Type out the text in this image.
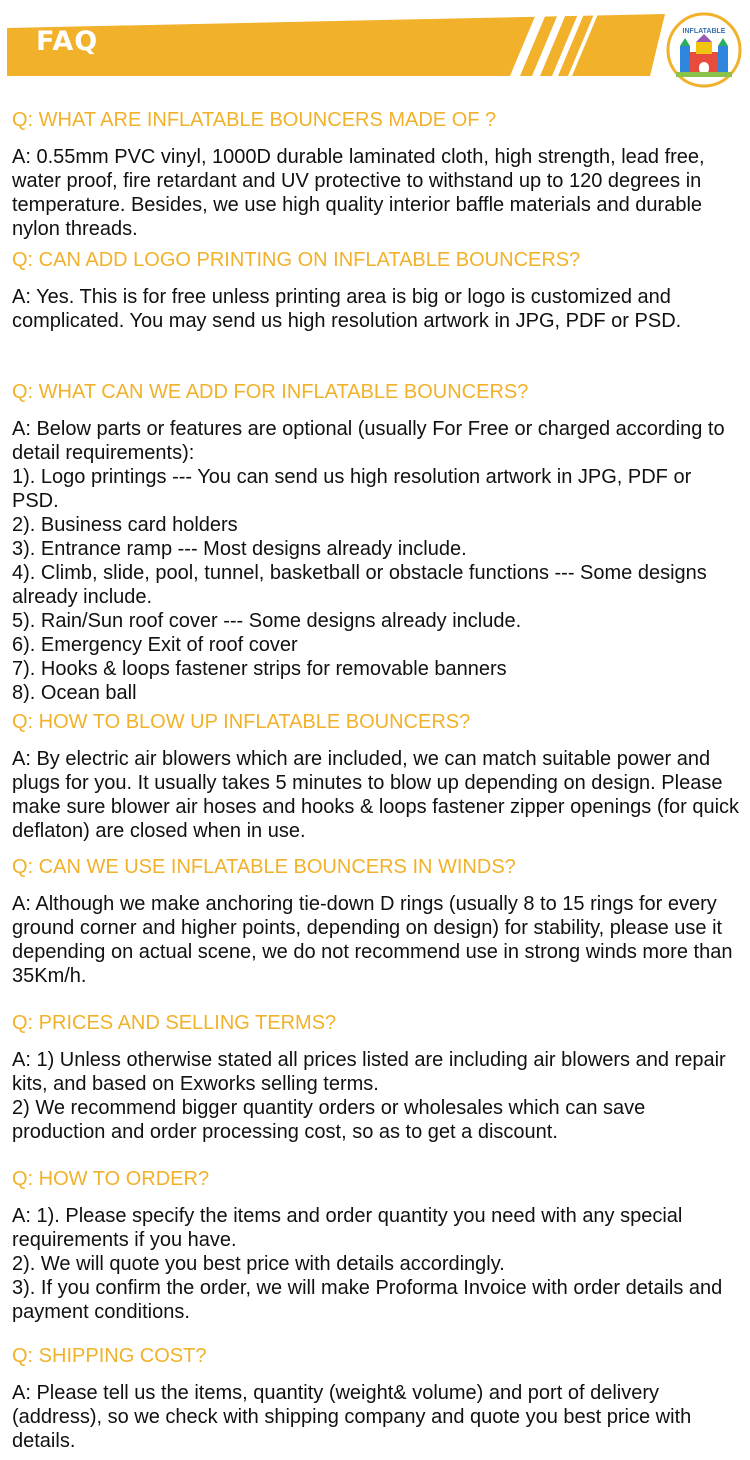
FAQ	INFLATABLE
Q: WHAT ARE INFLATABLE BOUNCERS MADE OF ?
A: 0.55mm PVC vinyl, 1000D durable laminated cloth, high strength, lead free, water proof, fire retardant and UV protective to withstand up to 120 degrees in temperature. Besides, we use high quality interior baffle materials and durable nylon threads.
Q: CAN ADD LOGO PRINTING ON INFLATABLE BOUNCERS?
A: Yes. This is for free unless printing area is big or logo is customized and complicated. You may send us high resolution artwork in JPG, PDF or PSD.
Q: WHAT CAN WE ADD FOR INFLATABLE BOUNCERS?
A: Below parts or features are optional (usually For Free or charged according to detail requirements):
1). Logo printings --- You can send us high resolution artwork in JPG, PDF or PSD.
2). Business card holders
3). Entrance ramp --- Most designs already include.
4). Climb, slide, pool, tunnel, basketball or obstacle functions --- Some designs already include.
5). Rain/Sun roof cover --- Some designs already include.
6). Emergency Exit of roof cover
7). Hooks & loops fastener strips for removable banners
8). Ocean ball
Q: HOW TO BLOW UP INFLATABLE BOUNCERS?
A: By electric air blowers which are included, we can match suitable power and plugs for you. It usually takes 5 minutes to blow up depending on design. Please make sure blower air hoses and hooks & loops fastener zipper openings (for quick deflaton) are closed when in use.
Q: CAN WE USE INFLATABLE BOUNCERS IN WINDS?
A: Although we make anchoring tie-down D rings (usually 8 to 15 rings for every ground corner and higher points, depending on design) for stability, please use it depending on actual scene, we do not recommend use in strong winds more than 35Km/h.
Q: PRICES AND SELLING TERMS?
A: 1) Unless otherwise stated all prices listed are including air blowers and repair kits, and based on Exworks selling terms.
2) We recommend bigger quantity orders or wholesales which can save production and order processing cost, so as to get a discount.
Q: HOW TO ORDER?
A: 1). Please specify the items and order quantity you need with any special requirements if you have.
2). We will quote you best price with details accordingly.
3). If you confirm the order, we will make Proforma Invoice with order details and payment conditions.
Q: SHIPPING COST?
A: Please tell us the items, quantity (weight& volume) and port of delivery (address), so we check with shipping company and quote you best price with details.
